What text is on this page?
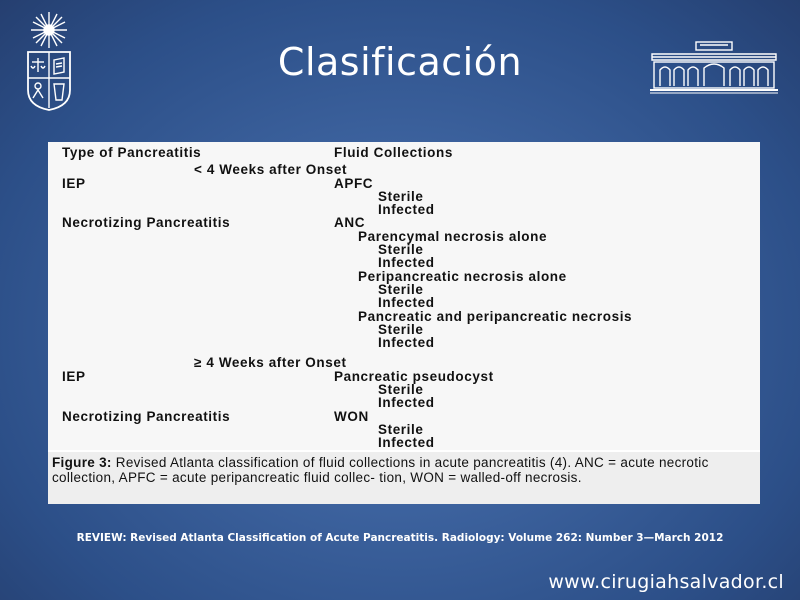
Clasificación
Type of Pancreatitis	Fluid Collections
< 4 Weeks after Onset
IEP	APFC
Sterile
Infected
Necrotizing Pancreatitis	ANC
Parencymal necrosis alone
Sterile
Infected
Peripancreatic necrosis alone
Sterile
Infected
Pancreatic and peripancreatic necrosis
Sterile
Infected
≥ 4 Weeks after Onset
IEP	Pancreatic pseudocyst
Sterile
Infected
Necrotizing Pancreatitis	WON
Sterile
Infected
Figure 3: Revised Atlanta classification of fluid collections in acute pancreatitis (4). ANC = acute necrotic collection, APFC = acute peripancreatic fluid collec- tion, WON = walled-off necrosis.
REVIEW: Revised Atlanta Classification of Acute Pancreatitis. Radiology: Volume 262: Number 3—March 2012
www.cirugiahsalvador.cl
